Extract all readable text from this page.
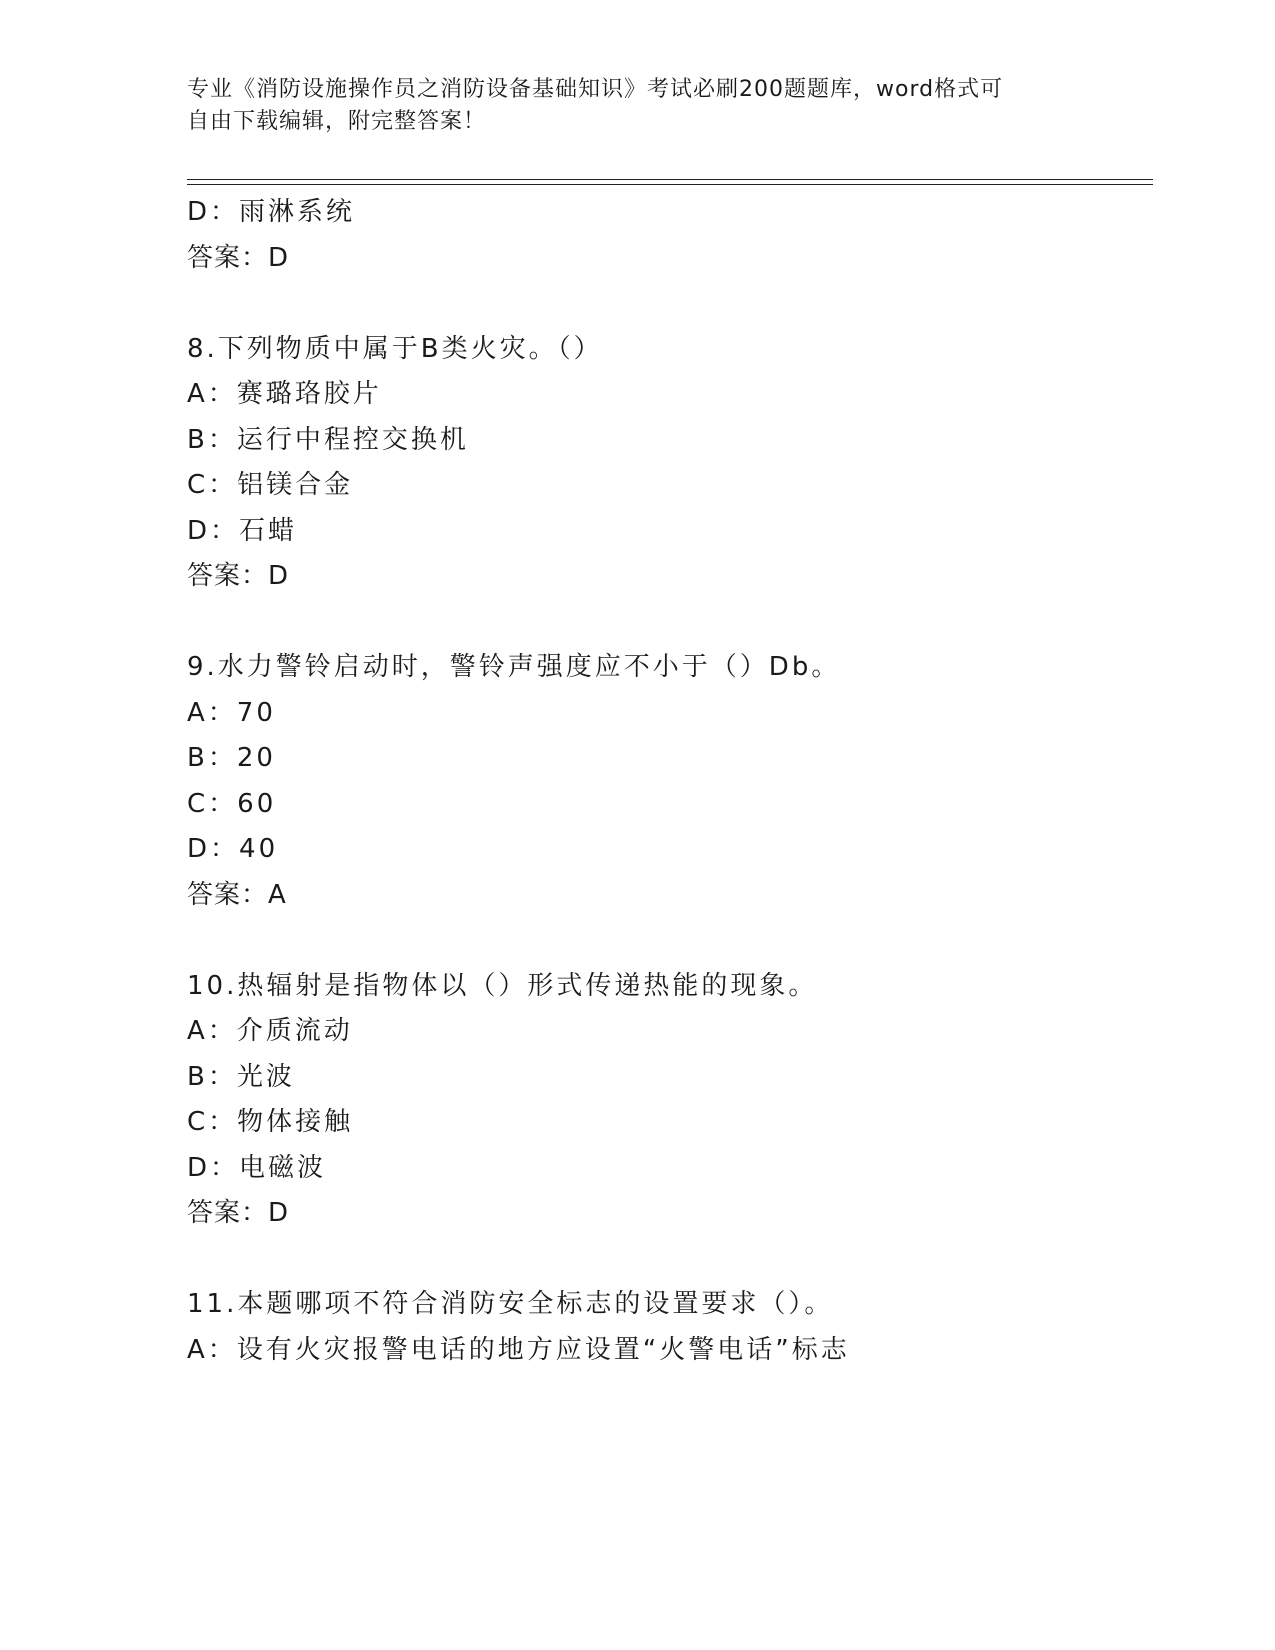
专业《消防设施操作员之消防设备基础知识》考试必刷200题题库，word格式可
自由下载编辑，附完整答案！
D：雨淋系统
答案：D
8.下列物质中属于B类火灾。（）
A：赛璐珞胶片
B：运行中程控交换机
C：铝镁合金
D：石蜡
答案：D
9.水力警铃启动时，警铃声强度应不小于（）Db。
A：70
B：20
C：60
D：40
答案：A
10.热辐射是指物体以（）形式传递热能的现象。
A：介质流动
B：光波
C：物体接触
D：电磁波
答案：D
11.本题哪项不符合消防安全标志的设置要求（）。
A：设有火灾报警电话的地方应设置“火警电话”标志
